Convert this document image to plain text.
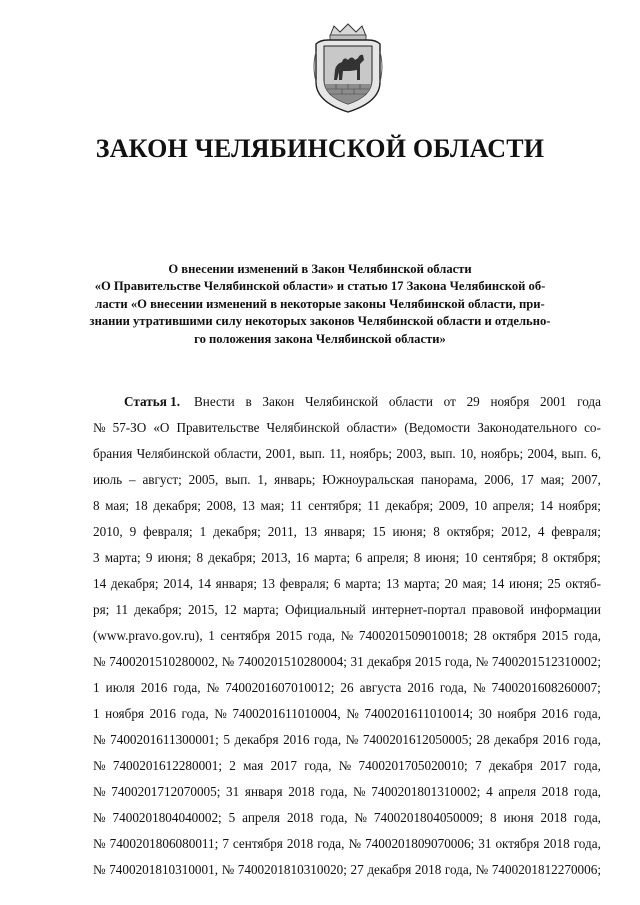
ЗАКОН ЧЕЛЯБИНСКОЙ ОБЛАСТИ
О внесении изменений в Закон Челябинской области
«О Правительстве Челябинской области» и статью 17 Закона Челябинской об-
ласти «О внесении изменений в некоторые законы Челябинской области, при-
знании утратившими силу некоторых законов Челябинской области и отдельно-
го положения закона Челябинской области»
Статья 1. Внести в Закон Челябинской области от 29 ноября 2001 года
№ 57-ЗО «О Правительстве Челябинской области» (Ведомости Законодательного со-
брания Челябинской области, 2001, вып. 11, ноябрь; 2003, вып. 10, ноябрь; 2004, вып. 6,
июль – август; 2005, вып. 1, январь; Южноуральская панорама, 2006, 17 мая; 2007,
8 мая; 18 декабря; 2008, 13 мая; 11 сентября; 11 декабря; 2009, 10 апреля; 14 ноября;
2010, 9 февраля; 1 декабря; 2011, 13 января; 15 июня; 8 октября; 2012, 4 февраля;
3 марта; 9 июня; 8 декабря; 2013, 16 марта; 6 апреля; 8 июня; 10 сентября; 8 октября;
14 декабря; 2014, 14 января; 13 февраля; 6 марта; 13 марта; 20 мая; 14 июня; 25 октяб-
ря; 11 декабря; 2015, 12 марта; Официальный интернет-портал правовой информации
(www.pravo.gov.ru), 1 сентября 2015 года, № 7400201509010018; 28 октября 2015 года,
№ 7400201510280002, № 7400201510280004; 31 декабря 2015 года, № 7400201512310002;
1 июля 2016 года, № 7400201607010012; 26 августа 2016 года, № 7400201608260007;
1 ноября 2016 года, № 7400201611010004, № 7400201611010014; 30 ноября 2016 года,
№ 7400201611300001; 5 декабря 2016 года, № 7400201612050005; 28 декабря 2016 года,
№ 7400201612280001; 2 мая 2017 года, № 7400201705020010; 7 декабря 2017 года,
№ 7400201712070005; 31 января 2018 года, № 7400201801310002; 4 апреля 2018 года,
№ 7400201804040002; 5 апреля 2018 года, № 7400201804050009; 8 июня 2018 года,
№ 7400201806080011; 7 сентября 2018 года, № 7400201809070006; 31 октября 2018 года,
№ 7400201810310001, № 7400201810310020; 27 декабря 2018 года, № 7400201812270006;
